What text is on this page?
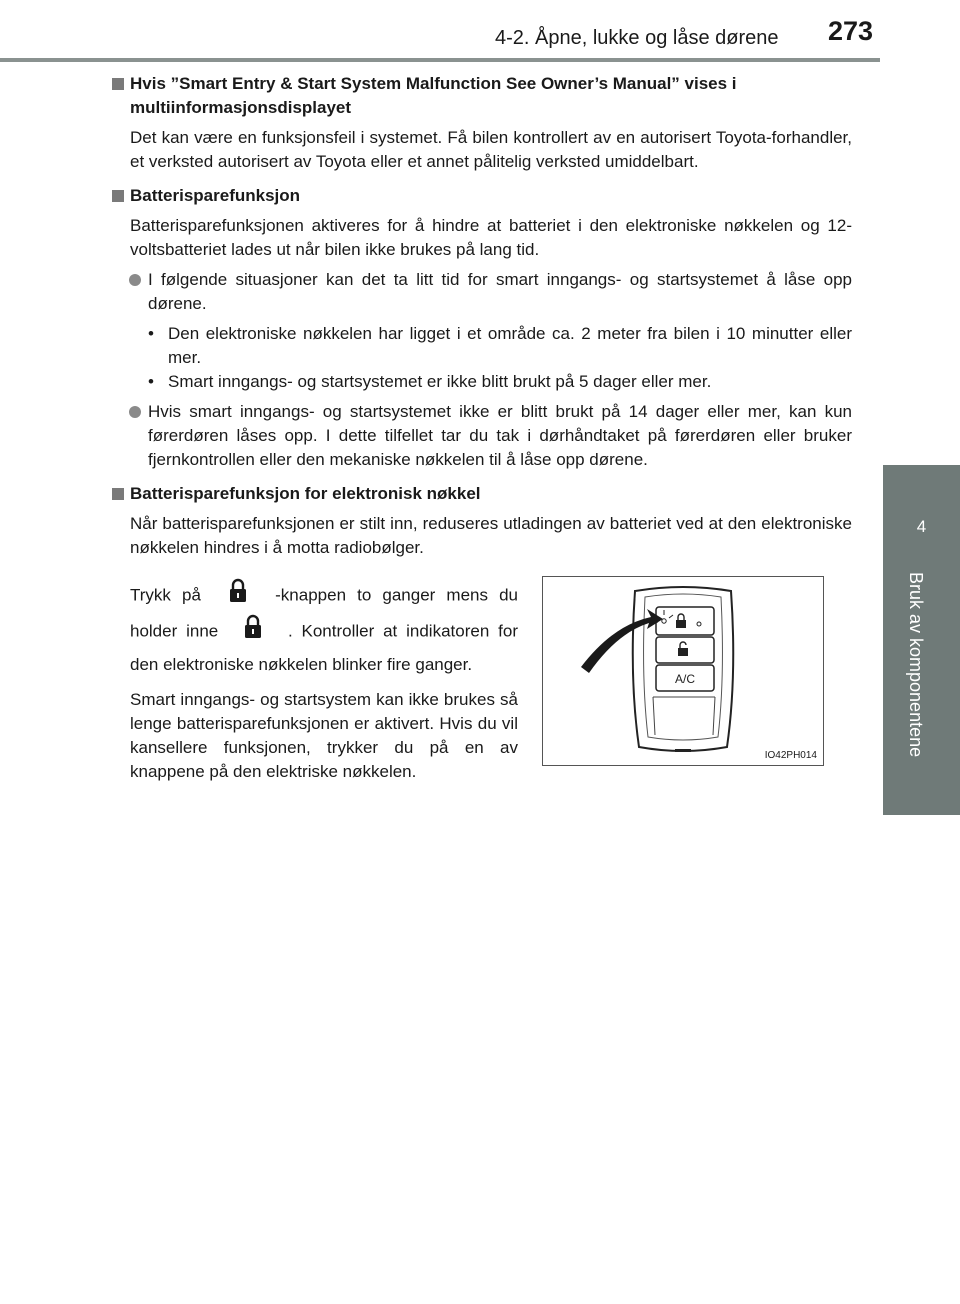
4-2. Åpne, lukke og låse dørene 273
4
Bruk av komponentene

Hvis ”Smart Entry & Start System Malfunction See Owner’s Manual” vises i multiinformasjonsdisplayet

Det kan være en funksjonsfeil i systemet. Få bilen kontrollert av en autorisert Toyota-forhandler, et verksted autorisert av Toyota eller et annet pålitelig verksted umiddelbart.

Batterisparefunksjon

Batterisparefunksjonen aktiveres for å hindre at batteriet i den elektroniske nøkkelen og 12-voltsbatteriet lades ut når bilen ikke brukes på lang tid.

I følgende situasjoner kan det ta litt tid for smart inngangs- og startsystemet å låse opp dørene.

• Den elektroniske nøkkelen har ligget i et område ca. 2 meter fra bilen i 10 minutter eller mer.

• Smart inngangs- og startsystemet er ikke blitt brukt på 5 dager eller mer.

Hvis smart inngangs- og startsystemet ikke er blitt brukt på 14 dager eller mer, kan kun førerdøren låses opp. I dette tilfellet tar du tak i dørhåndtaket på førerdøren eller bruker fjernkontrollen eller den mekaniske nøkkelen til å låse opp dørene.

Batterisparefunksjon for elektronisk nøkkel

Når batterisparefunksjonen er stilt inn, reduseres utladingen av batteriet ved at den elektroniske nøkkelen hindres i å motta radiobølger.

Trykk på	-knappen to ganger mens du holder inne	. Kontroller at indikatoren for den elektroniske nøkkelen blinker fire ganger.

Smart inngangs- og startsystem kan ikke brukes så lenge batterisparefunksjonen er aktivert. Hvis du vil kansellere funksjonen, trykker du på en av knappene på den elektriske nøkkelen.

A/C
IO42PH014
